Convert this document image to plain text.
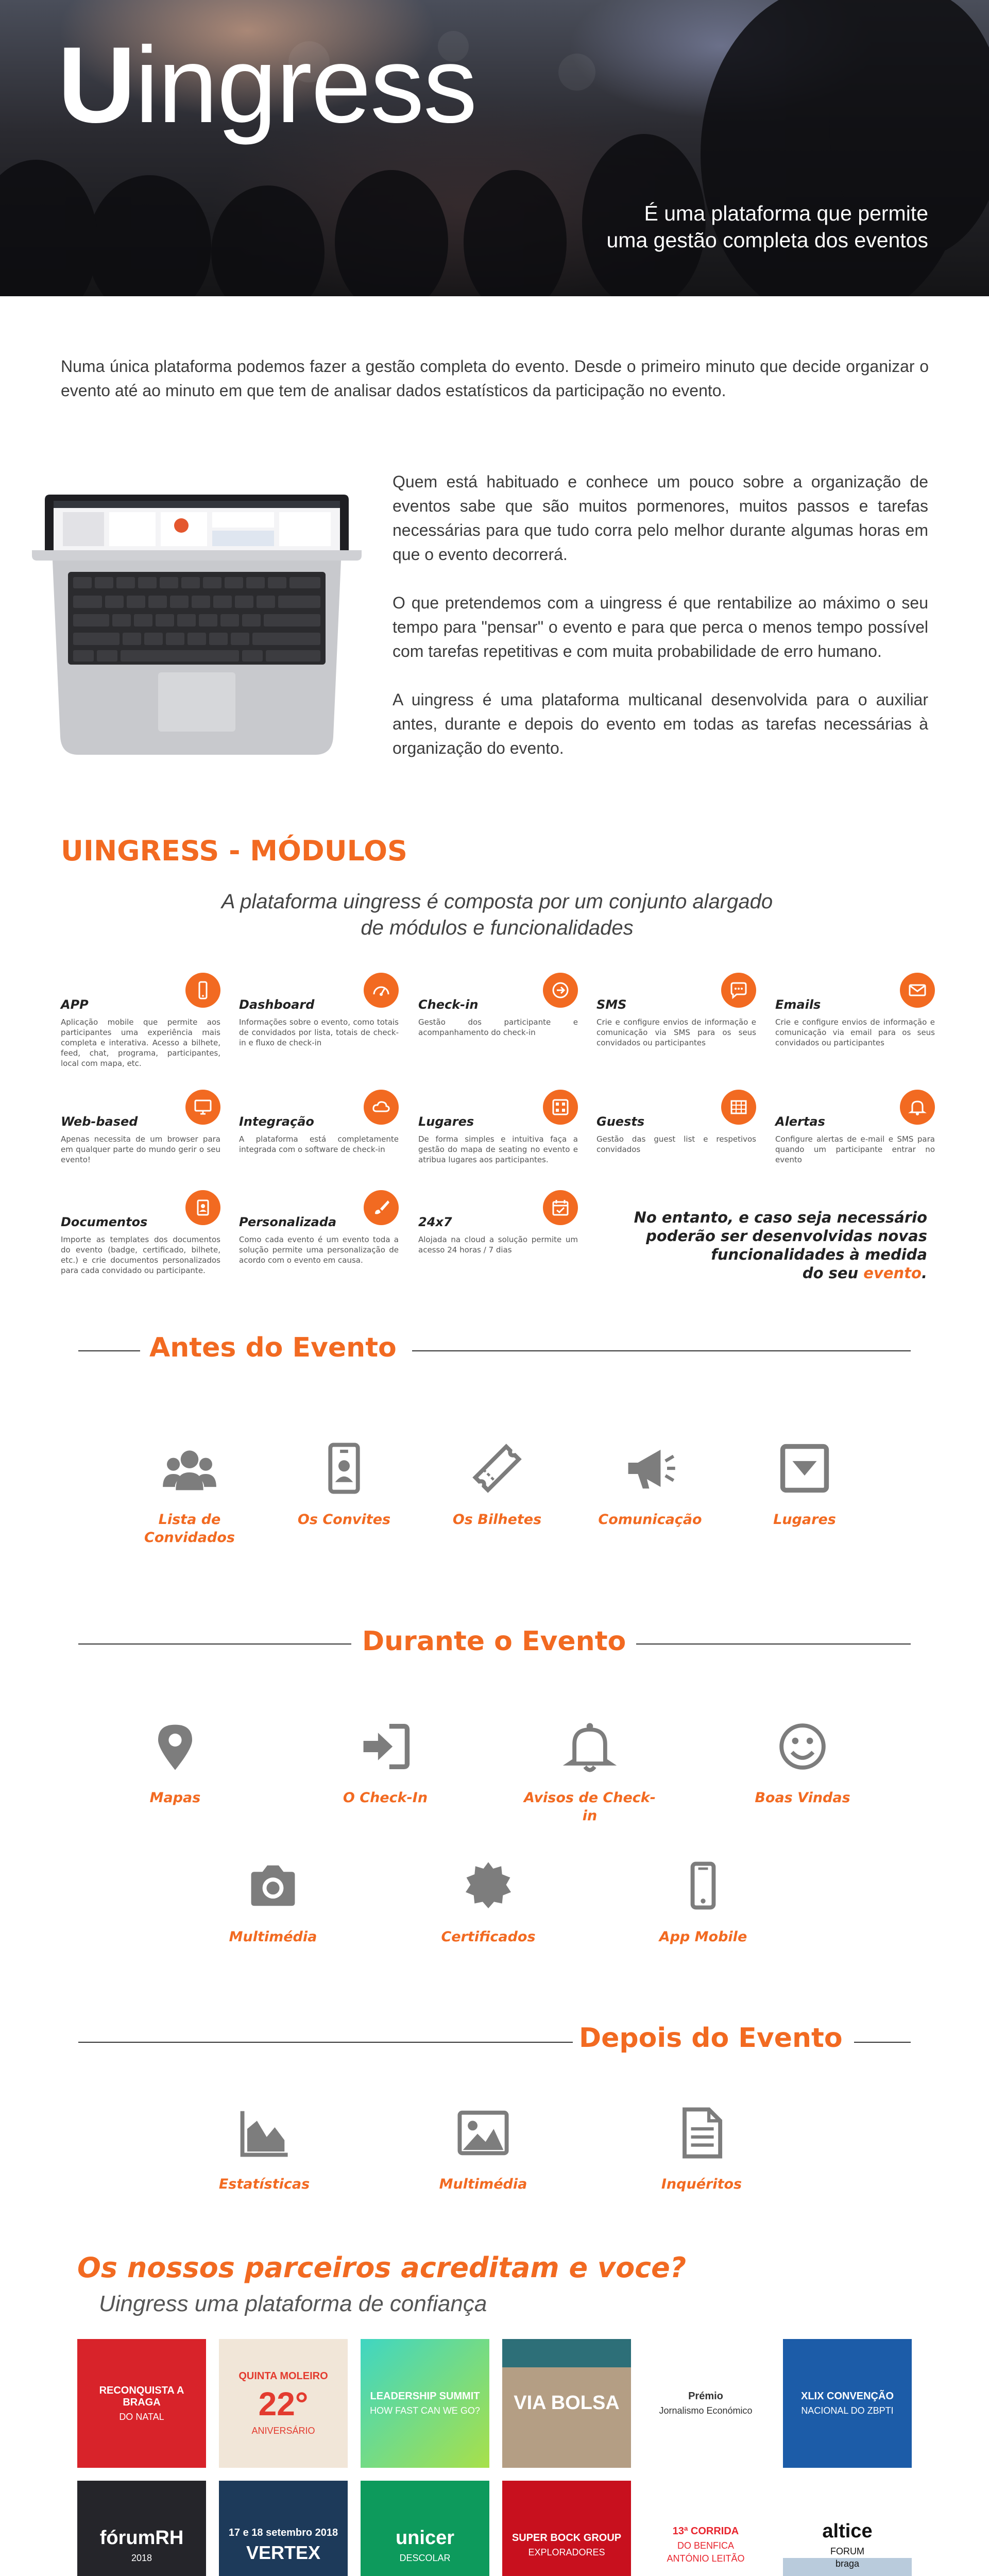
Uingress
É uma plataforma que permite
uma gestão completa dos eventos

Numa única plataforma podemos fazer a gestão completa do evento. Desde o primeiro minuto que decide organizar o evento até ao minuto em que tem de analisar dados estatísticos da participação no evento.

Quem está habituado e conhece um pouco sobre a organização de eventos sabe que são muitos pormenores, muitos passos e tarefas necessárias para que tudo corra pelo melhor durante algumas horas em que o evento decorrerá.

O que pretendemos com a uingress é que rentabilize ao máximo o seu tempo para "pensar" o evento e para que perca o menos tempo possível com tarefas repetitivas e com muita probabilidade de erro humano.

A uingress é uma plataforma multicanal desenvolvida para o auxiliar antes, durante e depois do evento em todas as tarefas necessárias à organização do evento.

UINGRESS - MÓDULOS
A plataforma uingress é composta por um conjunto alargado
de módulos e funcionalidades
APP
Aplicação mobile que permite aos participantes uma experiência mais completa e interativa. Acesso a bilhete, feed, chat, programa, participantes, local com mapa, etc.
Dashboard
Informações sobre o evento, como totais de convidados por lista, totais de check-in e fluxo de check-in
Check-in
Gestão dos participante e acompanhamento do check-in
SMS
Crie e configure envios de informação e comunicação via SMS para os seus convidados ou participantes
Emails
Crie e configure envios de informação e comunicação via email para os seus convidados ou participantes
Web-based
Apenas necessita de um browser para em qualquer parte do mundo gerir o seu evento!
Integração
A plataforma está completamente integrada com o software de check-in
Lugares
De forma simples e intuitiva faça a gestão do mapa de seating no evento e atribua lugares aos participantes.
Guests
Gestão das guest list e respetivos convidados
Alertas
Configure alertas de e-mail e SMS para quando um participante entrar no evento
Documentos
Importe as templates dos documentos do evento (badge, certificado, bilhete, etc.) e crie documentos personalizados para cada convidado ou participante.
Personalizada
Como cada evento é um evento toda a solução permite uma personalização de acordo com o evento em causa.
24x7
Alojada na cloud a solução permite um acesso 24 horas / 7 dias
No entanto, e caso seja necessário
poderão ser desenvolvidas novas
funcionalidades à medida
do seu evento.
Antes do Evento
Lista de Convidados
Os Convites	Os Bilhetes	Comunicação	Lugares
Durante o Evento
Mapas	O Check-In	Avisos de Check-in
Boas Vindas
Multimédia	Certificados	App Mobile
Depois do Evento
Estatísticas	Multimédia	Inquéritos
Os nossos parceiros acreditam e voce?
Uingress uma plataforma de confiança
RECONQUISTA A BRAGA
DO NATAL
QUINTA MOLEIRO
22°
ANIVERSÁRIO
LEADERSHIP SUMMIT
HOW FAST CAN WE GO?	VIA BOLSA	Prémio
Jornalismo Económico
XLIX CONVENÇÃO
NACIONAL DO ZBPTI
fórumRH
2018
17 e 18 setembro 2018
VERTEX
unicer
DESCOLAR
SUPER BOCK GROUP
EXPLORADORES
13ª CORRIDA
DO BENFICA
ANTÓNIO LEITÃO
altice
FORUM
braga
